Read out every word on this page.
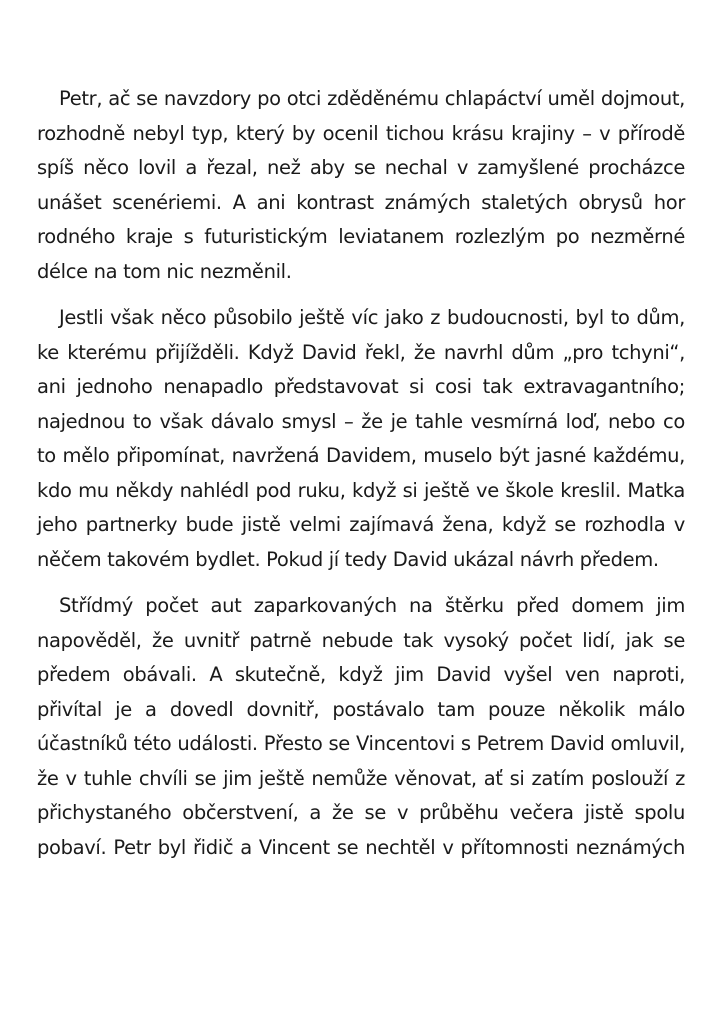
Petr, ač se navzdory po otci zděděnému chlapáctví uměl dojmout, rozhodně nebyl typ, který by ocenil tichou krásu krajiny – v přírodě spíš něco lovil a řezal, než aby se nechal v zamyšlené procházce unášet scenériemi. A ani kontrast známých staletých obrysů hor rodného kraje s futuristickým leviatanem rozlezlým po nezměrné délce na tom nic nezměnil.

Jestli však něco působilo ještě víc jako z budoucnosti, byl to dům, ke kterému přijížděli. Když David řekl, že navrhl dům „pro tchyni“, ani jednoho nenapadlo představovat si cosi tak extravagantního; najednou to však dávalo smysl – že je tahle vesmírná loď, nebo co to mělo připomínat, navržená Davidem, muselo být jasné každému, kdo mu někdy nahlédl pod ruku, když si ještě ve škole kreslil. Matka jeho partnerky bude jistě velmi zajímavá žena, když se rozhodla v něčem takovém bydlet. Pokud jí tedy David ukázal návrh předem.

Střídmý počet aut zaparkovaných na štěrku před domem jim napověděl, že uvnitř patrně nebude tak vysoký počet lidí, jak se předem obávali. A skutečně, když jim David vyšel ven naproti, přivítal je a dovedl dovnitř, postávalo tam pouze několik málo účastníků této události. Přesto se Vincentovi s Petrem David omluvil, že v tuhle chvíli se jim ještě nemůže věnovat, ať si zatím poslouží z přichystaného občerstvení, a že se v průběhu večera jistě spolu pobaví. Petr byl řidič a Vincent se nechtěl v přítomnosti neznámých
